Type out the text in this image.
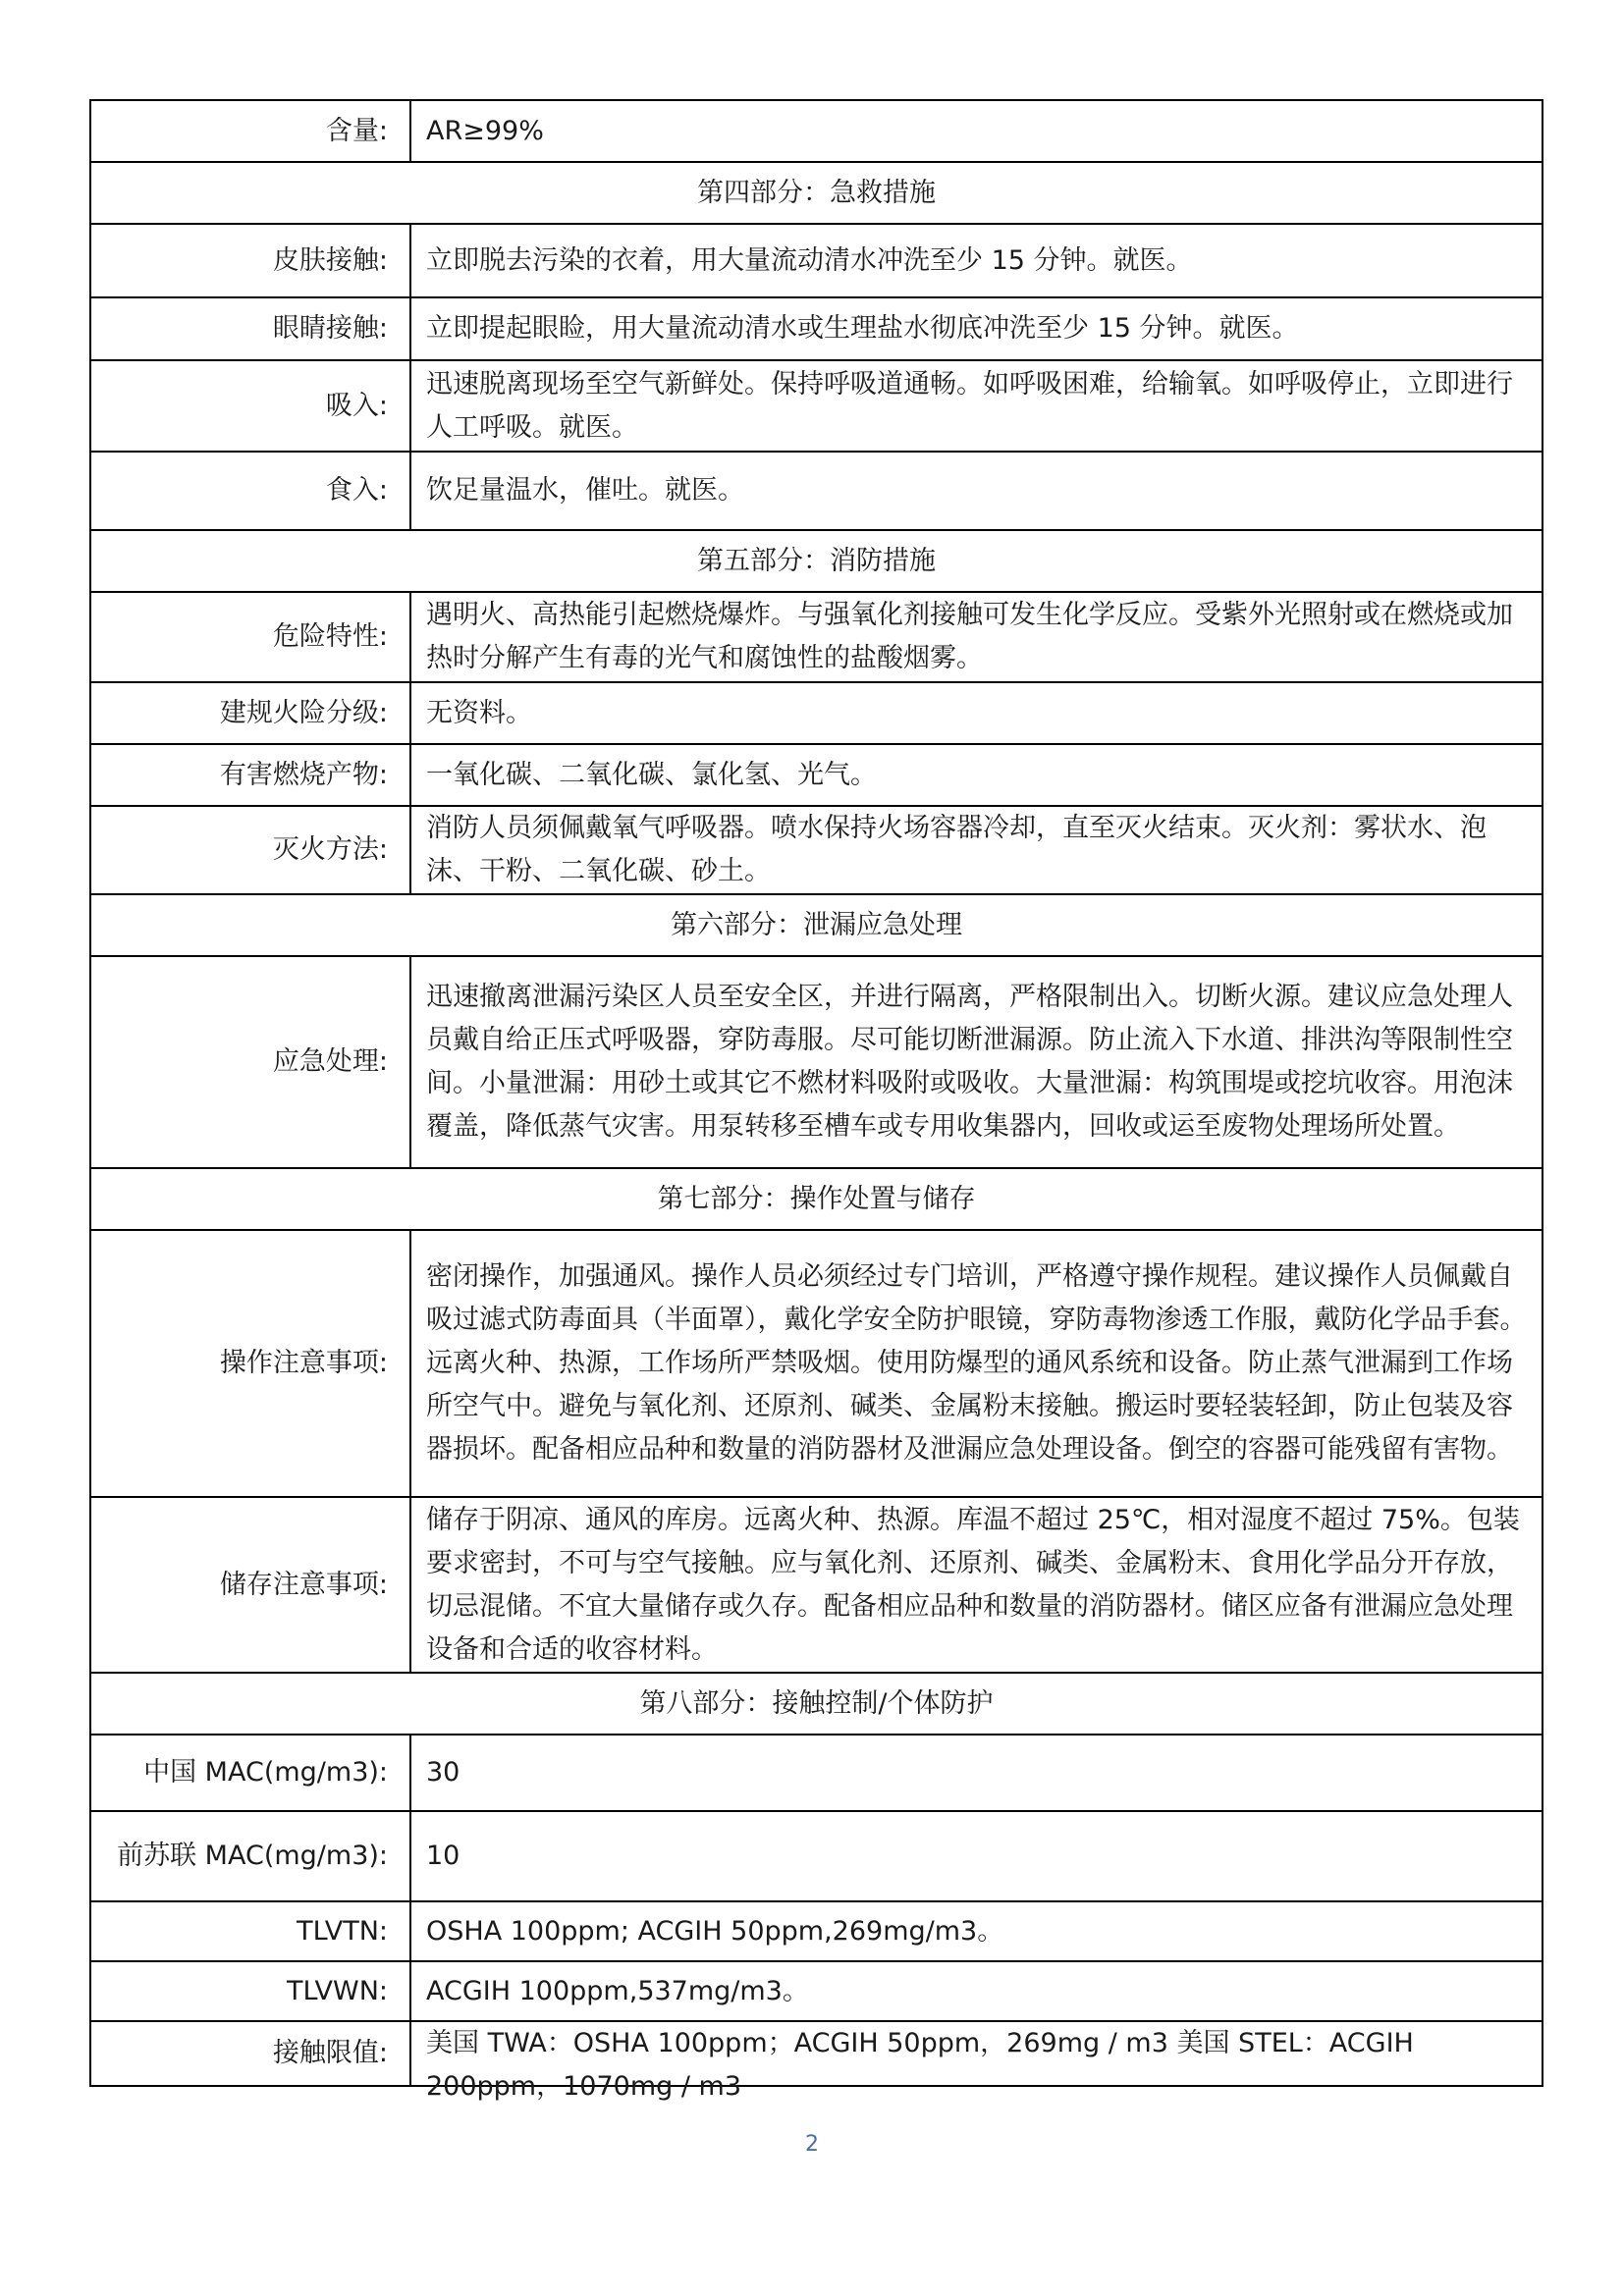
含量:	AR≥99%
第四部分：急救措施	
皮肤接触:	立即脱去污染的衣着，用大量流动清水冲洗至少 15 分钟。就医。
眼睛接触:	立即提起眼睑，用大量流动清水或生理盐水彻底冲洗至少 15 分钟。就医。
吸入:	迅速脱离现场至空气新鲜处。保持呼吸道通畅。如呼吸困难，给输氧。如呼吸停止，立即进行人工呼吸。就医。
食入:	饮足量温水，催吐。就医。
第五部分：消防措施	
危险特性:	遇明火、高热能引起燃烧爆炸。与强氧化剂接触可发生化学反应。受紫外光照射或在燃烧或加热时分解产生有毒的光气和腐蚀性的盐酸烟雾。
建规火险分级:	无资料。
有害燃烧产物:	一氧化碳、二氧化碳、氯化氢、光气。
灭火方法:	消防人员须佩戴氧气呼吸器。喷水保持火场容器冷却，直至灭火结束。灭火剂：雾状水、泡沫、干粉、二氧化碳、砂土。
第六部分：泄漏应急处理	
应急处理:	迅速撤离泄漏污染区人员至安全区，并进行隔离，严格限制出入。切断火源。建议应急处理人员戴自给正压式呼吸器，穿防毒服。尽可能切断泄漏源。防止流入下水道、排洪沟等限制性空间。小量泄漏：用砂土或其它不燃材料吸附或吸收。大量泄漏：构筑围堤或挖坑收容。用泡沫覆盖，降低蒸气灾害。用泵转移至槽车或专用收集器内，回收或运至废物处理场所处置。
第七部分：操作处置与储存	
操作注意事项:	密闭操作，加强通风。操作人员必须经过专门培训，严格遵守操作规程。建议操作人员佩戴自吸过滤式防毒面具（半面罩），戴化学安全防护眼镜，穿防毒物渗透工作服，戴防化学品手套。远离火种、热源，工作场所严禁吸烟。使用防爆型的通风系统和设备。防止蒸气泄漏到工作场所空气中。避免与氧化剂、还原剂、碱类、金属粉末接触。搬运时要轻装轻卸，防止包装及容器损坏。配备相应品种和数量的消防器材及泄漏应急处理设备。倒空的容器可能残留有害物。
储存注意事项:	储存于阴凉、通风的库房。远离火种、热源。库温不超过 25℃，相对湿度不超过 75%。包装要求密封，不可与空气接触。应与氧化剂、还原剂、碱类、金属粉末、食用化学品分开存放，切忌混储。不宜大量储存或久存。配备相应品种和数量的消防器材。储区应备有泄漏应急处理设备和合适的收容材料。
第八部分：接触控制/个体防护	
中国 MAC(mg/m3):	30
前苏联 MAC(mg/m3):	10
TLVTN:	OSHA 100ppm; ACGIH 50ppm,269mg/m3。
TLVWN:	ACGIH 100ppm,537mg/m3。
接触限值:	美国 TWA：OSHA 100ppm；ACGIH 50ppm，269mg / m3 美国 STEL：ACGIH 200ppm，1070mg / m3
2
